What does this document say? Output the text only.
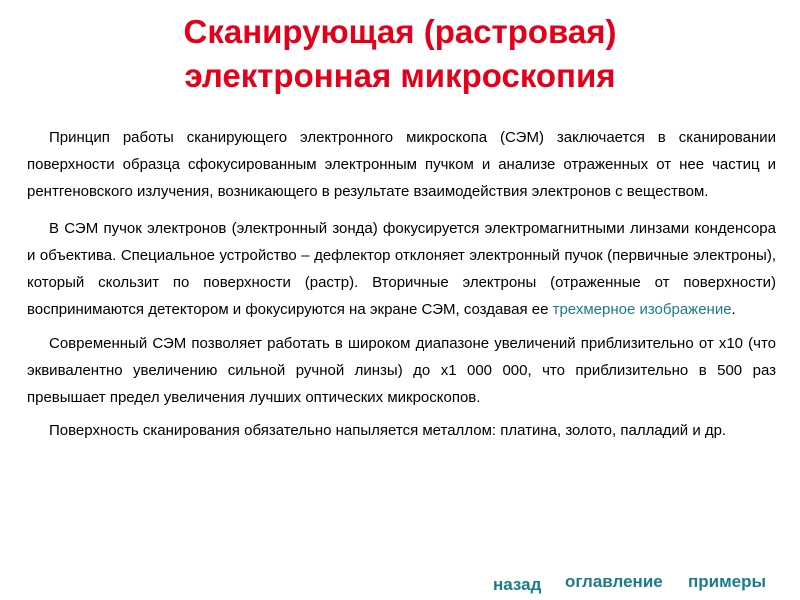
Сканирующая (растровая)
электронная микроскопия

Принцип работы сканирующего электронного микроскопа (СЭМ) заключается в сканировании поверхности образца сфокусированным электронным пучком и анализе отраженных от нее частиц и рентгеновского излучения, возникающего в результате взаимодействия электронов с веществом.

В СЭМ пучок электронов (электронный зонда) фокусируется электромагнитными линзами конденсора и объектива. Специальное устройство – дефлектор отклоняет электронный пучок (первичные электроны), который скользит по поверхности (растр). Вторичные электроны (отраженные от поверхности) воспринимаются детектором и фокусируются на экране СЭМ, создавая ее трехмерное изображение.

Современный СЭМ позволяет работать в широком диапазоне увеличений приблизительно от х10 (что эквивалентно увеличению сильной ручной линзы) до х1 000 000, что приблизительно в 500 раз превышает предел увеличения лучших оптических микроскопов.

Поверхность сканирования обязательно напыляется металлом: платина, золото, палладий и др.

назад оглавление примеры
